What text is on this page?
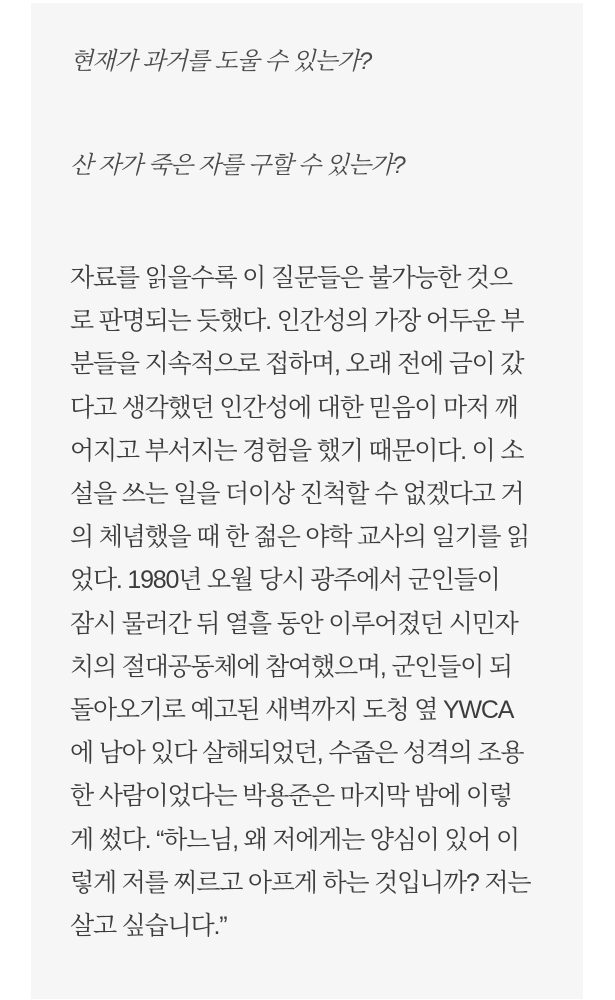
현재가 과거를 도울 수 있는가?
산 자가 죽은 자를 구할 수 있는가?
자료를 읽을수록 이 질문들은 불가능한 것으
로 판명되는 듯했다. 인간성의 가장 어두운 부
분들을 지속적으로 접하며, 오래 전에 금이 갔
다고 생각했던 인간성에 대한 믿음이 마저 깨
어지고 부서지는 경험을 했기 때문이다. 이 소
설을 쓰는 일을 더이상 진척할 수 없겠다고 거
의 체념했을 때 한 젊은 야학 교사의 일기를 읽
었다. 1980년 오월 당시 광주에서 군인들이
잠시 물러간 뒤 열흘 동안 이루어졌던 시민자
치의 절대공동체에 참여했으며, 군인들이 되
돌아오기로 예고된 새벽까지 도청 옆 YWCA
에 남아 있다 살해되었던, 수줍은 성격의 조용
한 사람이었다는 박용준은 마지막 밤에 이렇
게 썼다. “하느님, 왜 저에게는 양심이 있어 이
렇게 저를 찌르고 아프게 하는 것입니까? 저는
살고 싶습니다.”
